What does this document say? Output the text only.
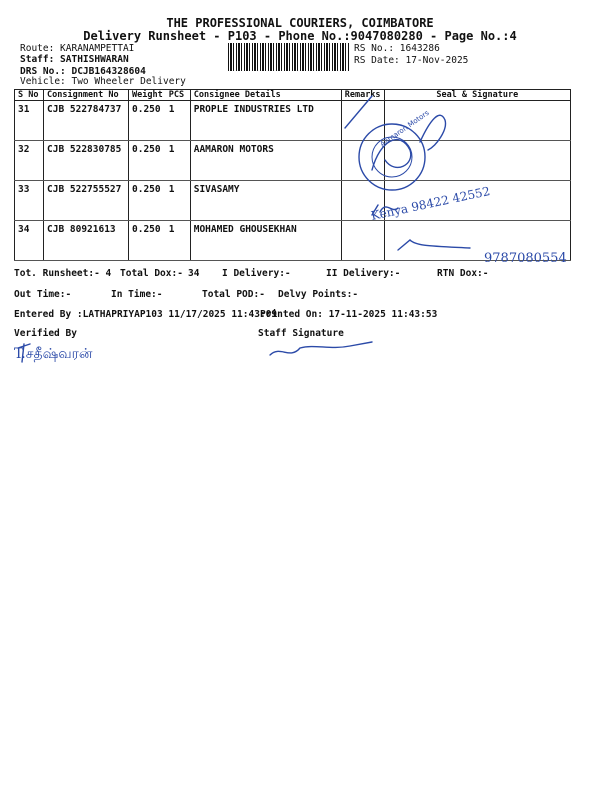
THE PROFESSIONAL COURIERS, COIMBATORE
Delivery Runsheet - P103 - Phone No.:9047080280 - Page No.:4
Route: KARANAMPETTAI
Staff: SATHISHWARAN
DRS No.: DCJB164328604
Vehicle: Two Wheeler Delivery
RS No.: 1643286
RS Date: 17-Nov-2025
S No	Consignment No	Weight	PCS	Consignee Details	Remarks	Seal & Signature
31	CJB 522784737	0.250	1	PROPLE INDUSTRIES LTD		
32	CJB 522830785	0.250	1	AAMARON MOTORS		
33	CJB 522755527	0.250	1	SIVASAMY		
34	CJB 80921613	0.250	1	MOHAMED GHOUSEKHAN		
Aamaron Motors
Kenya 98422 42552
9787080554
T.சதீஷ்வரன்
Tot. Runsheet:- 4 Total Dox:- 34 I Delivery:-	II Delivery:-	RTN Dox:-
Out Time:-	In Time:-	Total POD:- Delvy Points:-
Entered By :LATHAPRIYAP103 11/17/2025 11:43:09
Printed On: 17-11-2025 11:43:53
Verified By	Staff Signature
